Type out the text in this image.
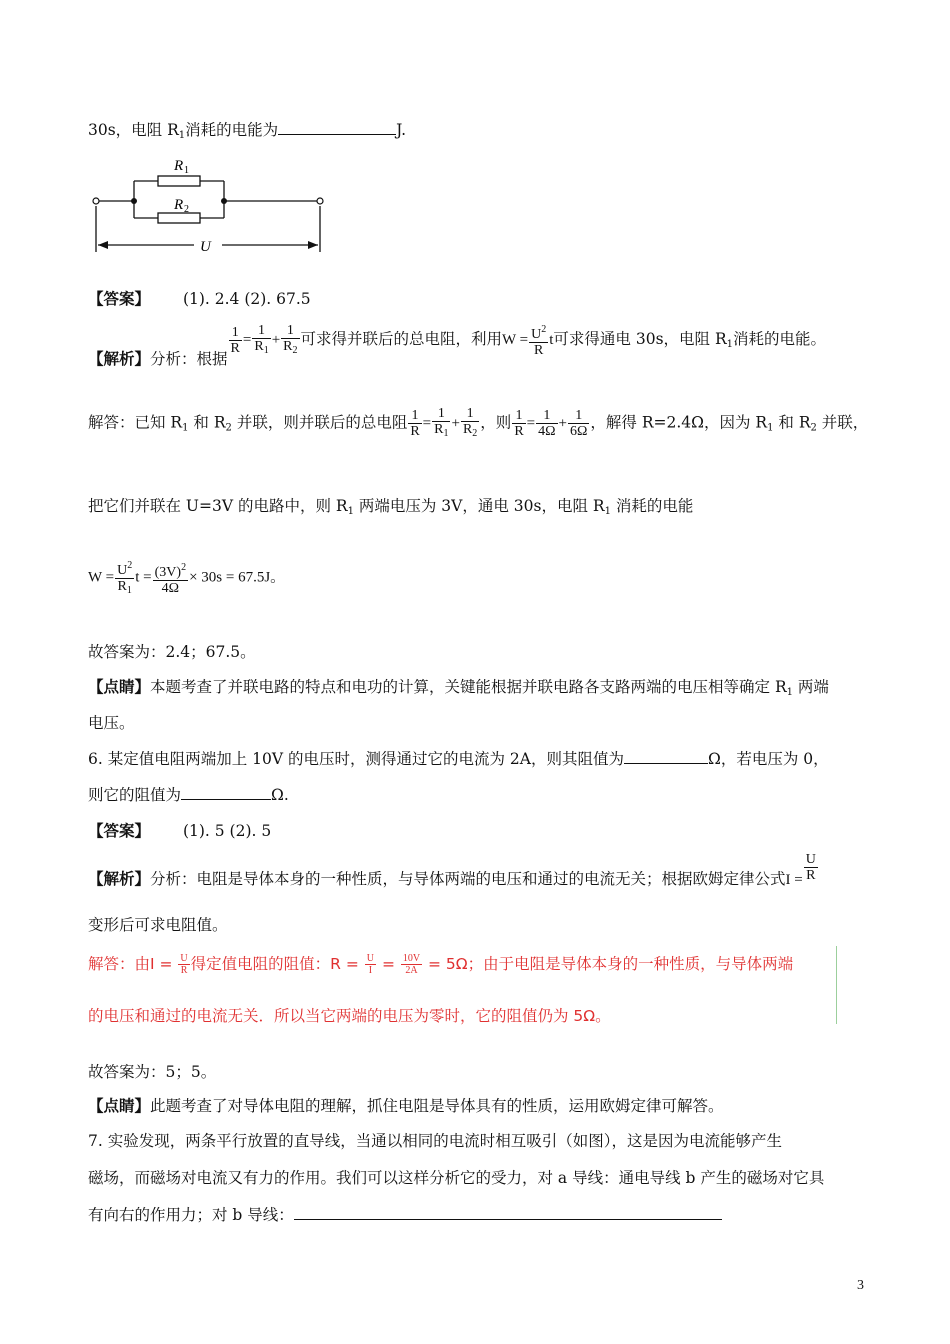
30s，电阻 $R_1$消耗的电能为	J.
R 1
R 2
U
【答案】 (1). 2.4 (2). 67.5
【解析】分析：根据
$\frac{1}{R} = \frac{1}{R_1} + \frac{1}{R_2}$ 可求得并联后的总电阻，利用$W = \frac{U^2}{R}$ t可求得通电 30s，电阻 $R_1$消耗的电能。
解答：已知 $R_1$ 和 $R_2$ 并联，则并联后的总电阻 $\frac{1}{R} = \frac{1}{R_1} + \frac{1}{R_2}$ ，则 $\frac{1}{R} = \frac{1}{4\Omega} + \frac{1}{6\Omega}$ ，解得 R=2.4Ω，因为 $R_1$ 和 $R_2$ 并联，
把它们并联在 U=3V 的电路中，则 $R_1$ 两端电压为 3V，通电 30s，电阻 $R_1$ 消耗的电能
$W = \frac{U^2}{R_1}$ $t = \frac{(3V)^2}{4\Omega} \times 30s = 67.5J$。
故答案为：2.4；67.5。
【点睛】本题考查了并联电路的特点和电功的计算，关键能根据并联电路各支路两端的电压相等确定 $R_1$ 两端
电压。
6. 某定值电阻两端加上 10V 的电压时，测得通过它的电流为 2A，则其阻值为	Ω，若电压为 0，
则它的阻值为	Ω.
【答案】 (1). 5 (2). 5
【解析】分析：电阻是导体本身的一种性质，与导体两端的电压和通过的电流无关；根据欧姆定律公式$I = \frac{U}{R}$
变形后可求电阻值。
解答：由$I = \frac{U}{R}$ 得定值电阻的阻值：$R = \frac{U}{I} = \frac{10V}{2A} = 5\Omega$；由于电阻是导体本身的一种性质，与导体两端
的电压和通过的电流无关．所以当它两端的电压为零时，它的阻值仍为 5Ω。
故答案为：5；5。
【点睛】此题考查了对导体电阻的理解，抓住电阻是导体具有的性质，运用欧姆定律可解答。
7. 实验发现，两条平行放置的直导线，当通以相同的电流时相互吸引（如图），这是因为电流能够产生
磁场，而磁场对电流又有力的作用。我们可以这样分析它的受力，对 a 导线：通电导线 b 产生的磁场对它具
有向右的作用力；对 b 导线：
3
